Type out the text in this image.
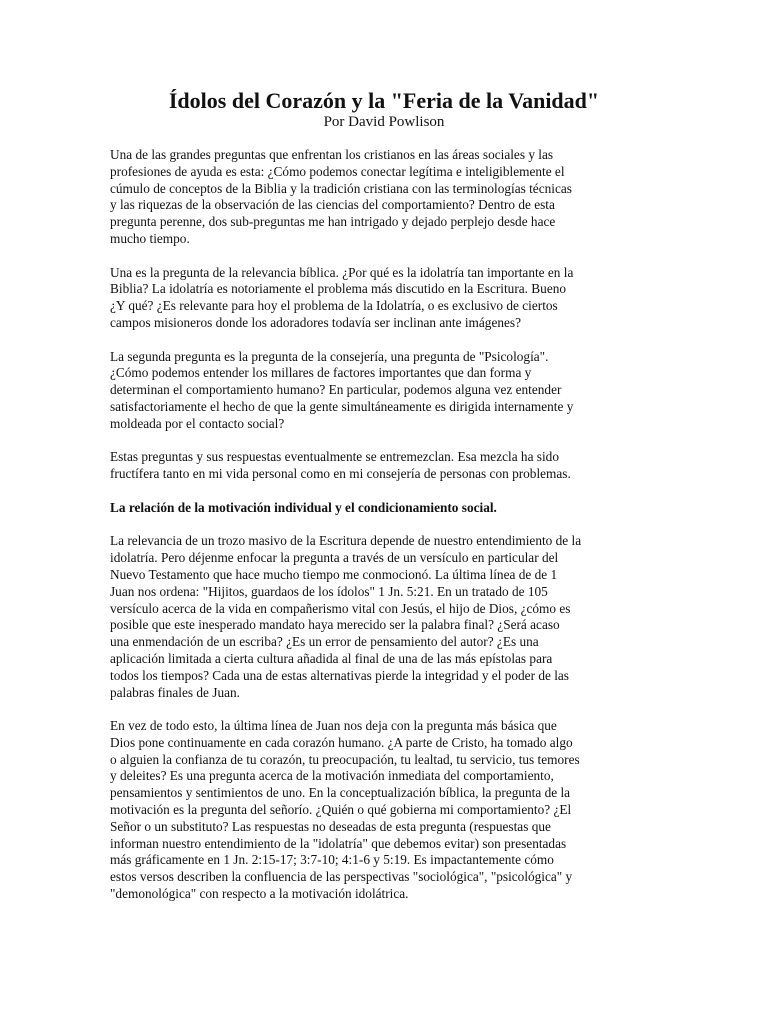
Ídolos del Corazón y la "Feria de la Vanidad"
Por David Powlison
Una de las grandes preguntas que enfrentan los cristianos en las áreas sociales y las
profesiones de ayuda es esta: ¿Cómo podemos conectar legítima e inteligiblemente el
cúmulo de conceptos de la Biblia y la tradición cristiana con las terminologías técnicas
y las riquezas de la observación de las ciencias del comportamiento? Dentro de esta
pregunta perenne, dos sub-preguntas me han intrigado y dejado perplejo desde hace
mucho tiempo.
Una es la pregunta de la relevancia bíblica. ¿Por qué es la idolatría tan importante en la
Biblia? La idolatría es notoriamente el problema más discutido en la Escritura. Bueno
¿Y qué? ¿Es relevante para hoy el problema de la Idolatría, o es exclusivo de ciertos
campos misioneros donde los adoradores todavía ser inclinan ante imágenes?
La segunda pregunta es la pregunta de la consejería, una pregunta de "Psicología".
¿Cómo podemos entender los millares de factores importantes que dan forma y
determinan el comportamiento humano? En particular, podemos alguna vez entender
satisfactoriamente el hecho de que la gente simultáneamente es dirigida internamente y
moldeada por el contacto social?
Estas preguntas y sus respuestas eventualmente se entremezclan. Esa mezcla ha sido
fructífera tanto en mi vida personal como en mi consejería de personas con problemas.
La relación de la motivación individual y el condicionamiento social.
La relevancia de un trozo masivo de la Escritura depende de nuestro entendimiento de la
idolatría. Pero déjenme enfocar la pregunta a través de un versículo en particular del
Nuevo Testamento que hace mucho tiempo me conmocionó. La última línea de de 1
Juan nos ordena: "Hijitos, guardaos de los ídolos" 1 Jn. 5:21. En un tratado de 105
versículo acerca de la vida en compañerismo vital con Jesús, el hijo de Dios, ¿cómo es
posible que este inesperado mandato haya merecido ser la palabra final? ¿Será acaso
una enmendación de un escriba? ¿Es un error de pensamiento del autor? ¿Es una
aplicación limitada a cierta cultura añadida al final de una de las más epístolas para
todos los tiempos? Cada una de estas alternativas pierde la integridad y el poder de las
palabras finales de Juan.
En vez de todo esto, la última línea de Juan nos deja con la pregunta más básica que
Dios pone continuamente en cada corazón humano. ¿A parte de Cristo, ha tomado algo
o alguien la confianza de tu corazón, tu preocupación, tu lealtad, tu servicio, tus temores
y deleites? Es una pregunta acerca de la motivación inmediata del comportamiento,
pensamientos y sentimientos de uno. En la conceptualización bíblica, la pregunta de la
motivación es la pregunta del señorío. ¿Quién o qué gobierna mi comportamiento? ¿El
Señor o un substituto? Las respuestas no deseadas de esta pregunta (respuestas que
informan nuestro entendimiento de la "idolatría" que debemos evitar) son presentadas
más gráficamente en 1 Jn. 2:15-17; 3:7-10; 4:1-6 y 5:19. Es impactantemente cómo
estos versos describen la confluencia de las perspectivas "sociológica", "psicológica" y
"demonológica" con respecto a la motivación idolátrica.
